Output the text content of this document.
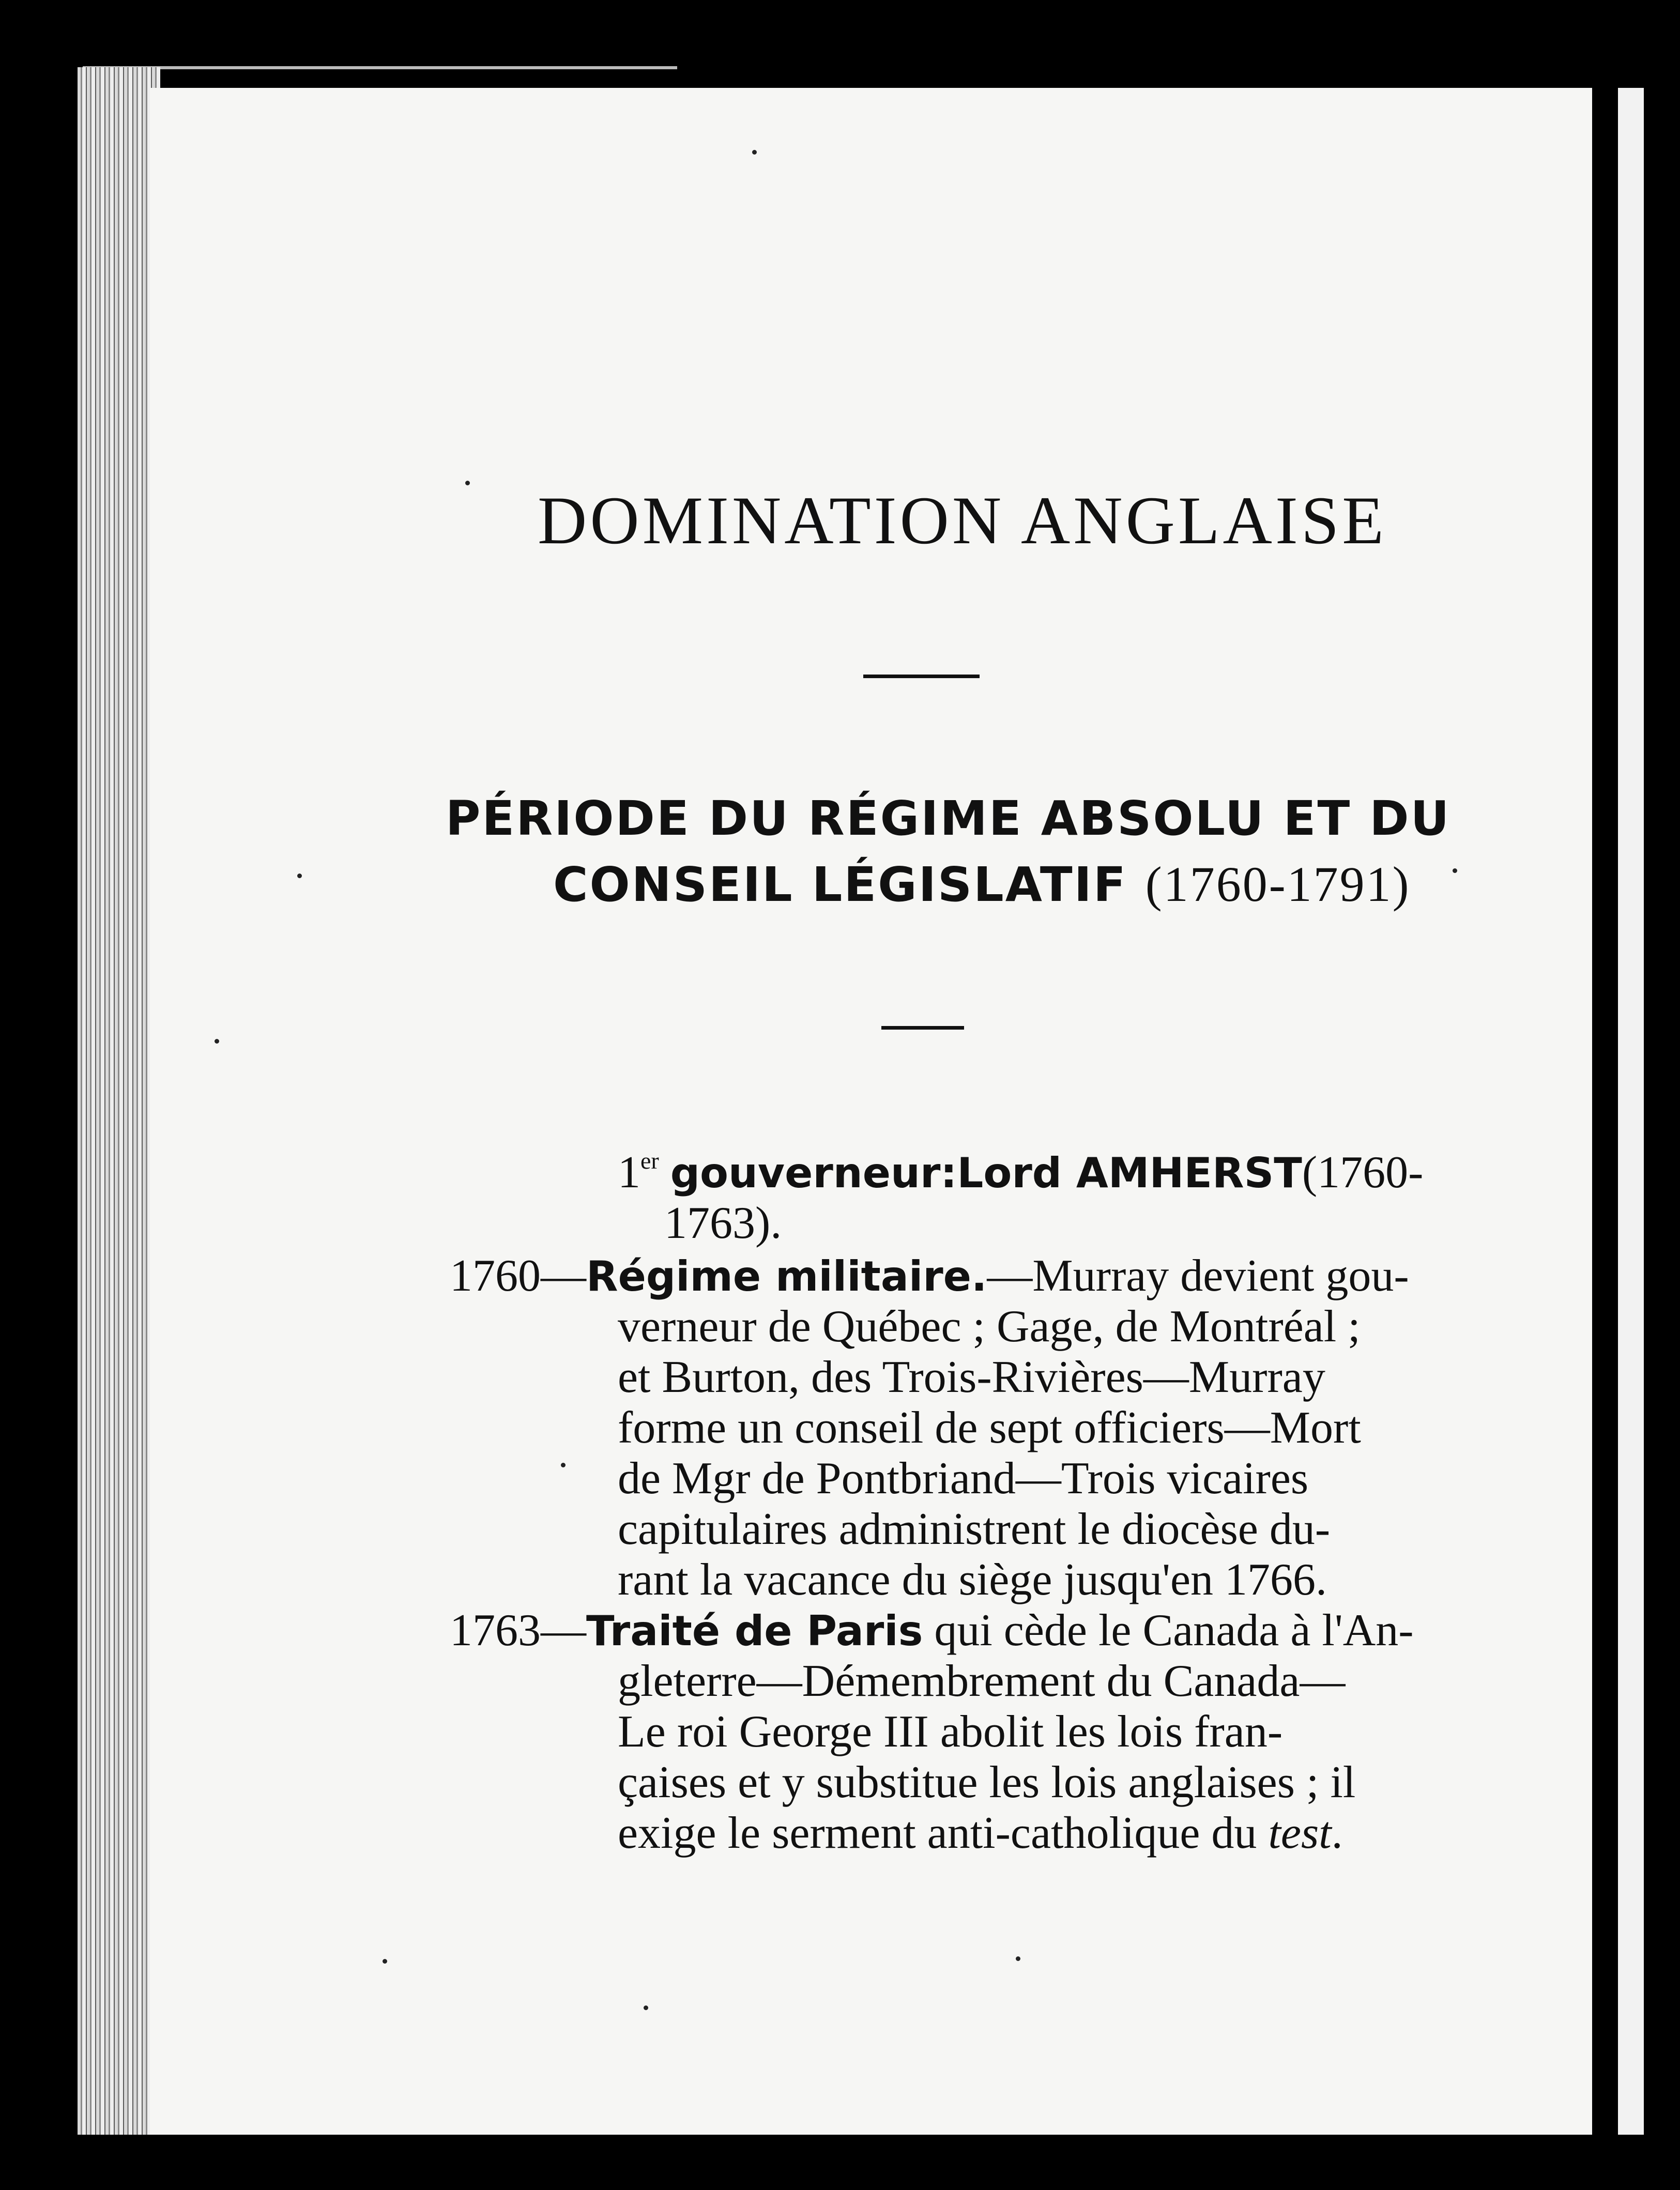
DOMINATION ANGLAISE
PÉRIODE DU RÉGIME ABSOLU ET DU
CONSEIL LÉGISLATIF (1760-1791)
1er gouverneur:Lord AMHERST(1760-
1763).
1760—Régime militaire.—Murray devient gou-
verneur de Québec ; Gage, de Montréal ;
et Burton, des Trois-Rivières—Murray
forme un conseil de sept officiers—Mort
de Mgr de Pontbriand—Trois vicaires
capitulaires administrent le diocèse du-
rant la vacance du siège jusqu'en 1766.
1763—Traité de Paris qui cède le Canada à l'An-
gleterre—Démembrement du Canada—
Le roi George III abolit les lois fran-
çaises et y substitue les lois anglaises ; il
exige le serment anti-catholique du test.
